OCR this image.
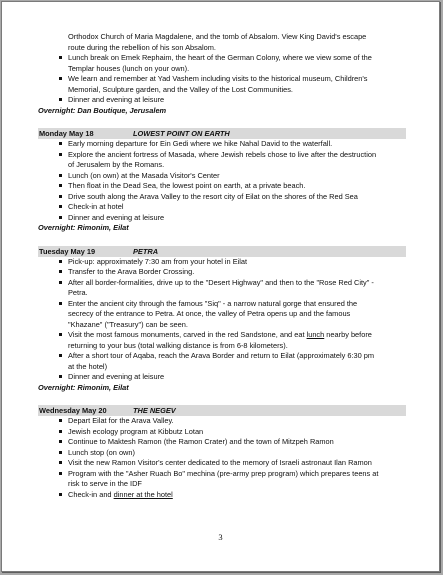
Orthodox Church of Maria Magdalene, and the tomb of Absalom. View King David's escape
route during the rebellion of his son Absalom.
Lunch break on Emek Rephaim, the heart of the German Colony, where we view some of the
Templar houses (lunch on your own).
We learn and remember at Yad Vashem including visits to the historical museum, Children's
Memorial, Sculpture garden, and the Valley of the Lost Communities.
Dinner and evening at leisure
Overnight: Dan Boutique, Jerusalem
Monday May 18	LOWEST POINT ON EARTH
Early morning departure for Ein Gedi where we hike Nahal David to the waterfall.
Explore the ancient fortress of Masada, where Jewish rebels chose to live after the destruction
of Jerusalem by the Romans.
Lunch (on own) at the Masada Visitor's Center
Then float in the Dead Sea, the lowest point on earth, at a private beach.
Drive south along the Arava Valley to the resort city of Eilat on the shores of the Red Sea
Check-in at hotel
Dinner and evening at leisure
Overnight: Rimonim, Eilat
Tuesday May 19	PETRA
Pick-up: approximately 7:30 am from your hotel in Eilat
Transfer to the Arava Border Crossing.
After all border-formalities, drive up to the "Desert Highway" and then to the "Rose Red City" -
Petra.
Enter the ancient city through the famous "Siq" - a narrow natural gorge that ensured the
secrecy of the entrance to Petra. At once, the valley of Petra opens up and the famous
"Khazane" ("Treasury") can be seen.
Visit the most famous monuments, carved in the red Sandstone, and eat lunch nearby before
returning to your bus (total walking distance is from 6-8 kilometers).
After a short tour of Aqaba, reach the Arava Border and return to Eilat (approximately 6:30 pm
at the hotel)
Dinner and evening at leisure
Overnight: Rimonim, Eilat
Wednesday May 20	THE NEGEV
Depart Eilat for the Arava Valley.
Jewish ecology program at Kibbutz Lotan
Continue to Maktesh Ramon (the Ramon Crater) and the town of Mitzpeh Ramon
Lunch stop (on own)
Visit the new Ramon Visitor's center dedicated to the memory of Israeli astronaut Ilan Ramon
Program with the "Asher Ruach Bo" mechina (pre-army prep program) which prepares teens at
risk to serve in the IDF
Check-in and dinner at the hotel
3
